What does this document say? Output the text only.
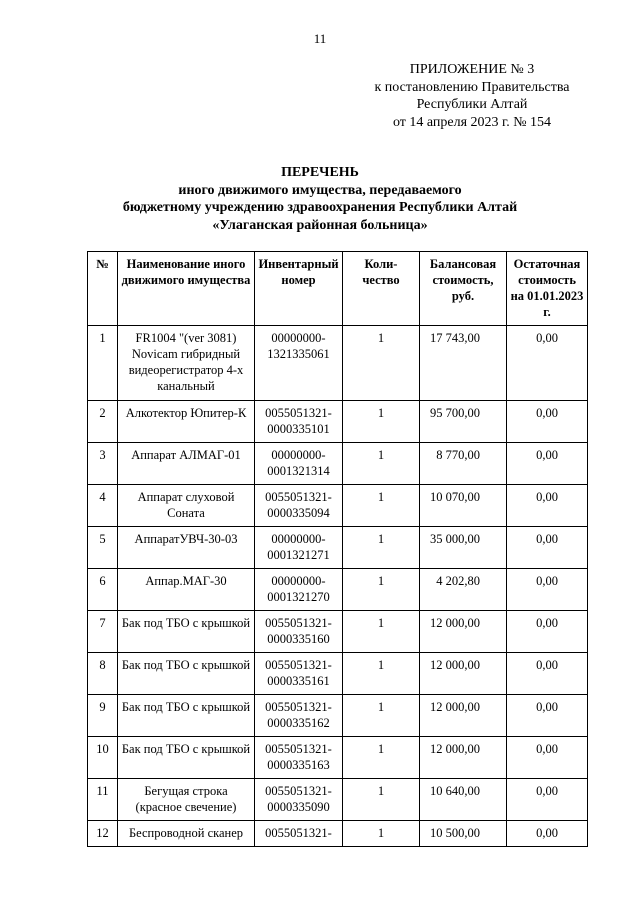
11
ПРИЛОЖЕНИЕ № 3
к постановлению Правительства
Республики Алтай
от 14 апреля 2023 г. № 154
ПЕРЕЧЕНЬ
иного движимого имущества, передаваемого
бюджетному учреждению здравоохранения Республики Алтай
«Улаганская районная больница»
№	Наименование иного движимого имущества	Инвентарный номер	Коли-чество	Балансовая стоимость, руб.	Остаточная стоимость на 01.01.2023 г.
1	FR1004 "(ver 3081) Novicam гибридный видеорегистратор 4-х канальный	00000000-1321335061	1	17 743,00	0,00
2	Алкотектор Юпитер-К	0055051321-0000335101	1	95 700,00	0,00
3	Аппарат АЛМАГ-01	00000000-0001321314	1	8 770,00	0,00
4	Аппарат слуховой Соната	0055051321-0000335094	1	10 070,00	0,00
5	АппаратУВЧ-30-03	00000000-0001321271	1	35 000,00	0,00
6	Аппар.МАГ-30	00000000-0001321270	1	4 202,80	0,00
7	Бак под ТБО с крышкой	0055051321-0000335160	1	12 000,00	0,00
8	Бак под ТБО с крышкой	0055051321-0000335161	1	12 000,00	0,00
9	Бак под ТБО с крышкой	0055051321-0000335162	1	12 000,00	0,00
10	Бак под ТБО с крышкой	0055051321-0000335163	1	12 000,00	0,00
11	Бегущая строка (красное свечение)	0055051321-0000335090	1	10 640,00	0,00
12	Беспроводной сканер	0055051321-	1	10 500,00	0,00
